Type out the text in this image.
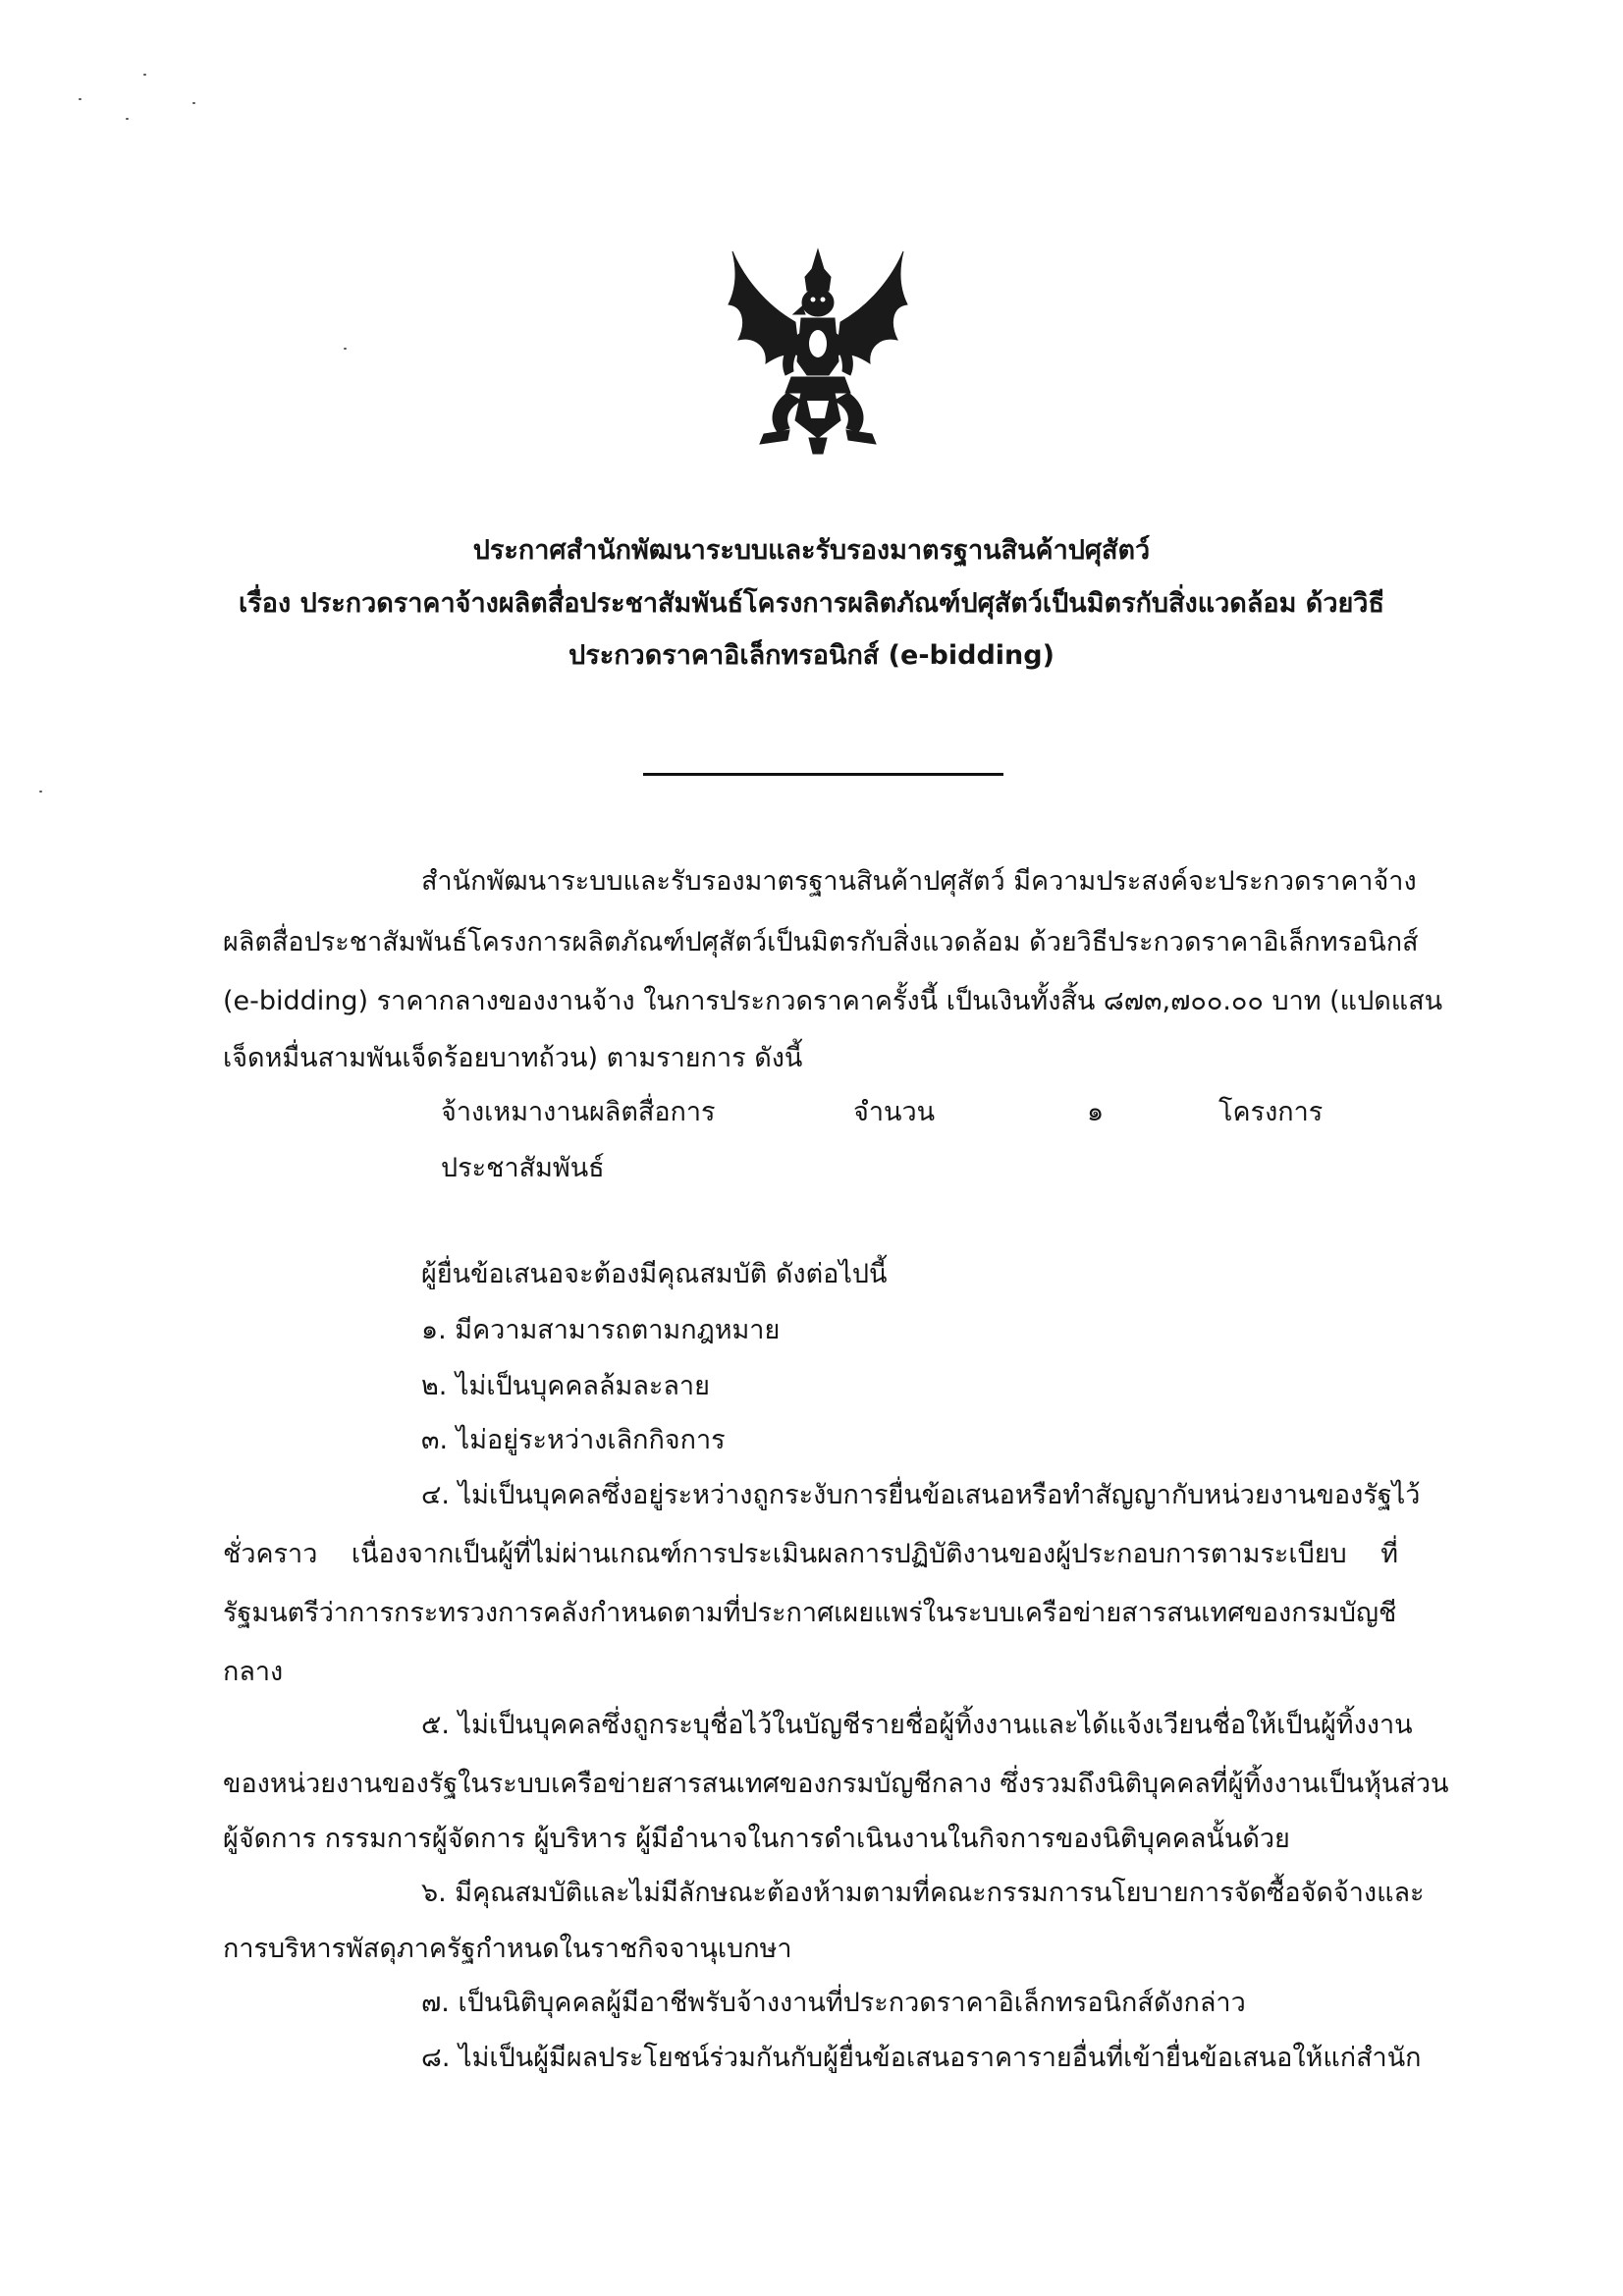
ประกาศสำนักพัฒนาระบบและรับรองมาตรฐานสินค้าปศุสัตว์
เรื่อง ประกวดราคาจ้างผลิตสื่อประชาสัมพันธ์โครงการผลิตภัณฑ์ปศุสัตว์เป็นมิตรกับสิ่งแวดล้อม ด้วยวิธี
ประกวดราคาอิเล็กทรอนิกส์ (e-bidding)
สำนักพัฒนาระบบและรับรองมาตรฐานสินค้าปศุสัตว์ มีความประสงค์จะประกวดราคาจ้าง
ผลิตสื่อประชาสัมพันธ์โครงการผลิตภัณฑ์ปศุสัตว์เป็นมิตรกับสิ่งแวดล้อม ด้วยวิธีประกวดราคาอิเล็กทรอนิกส์
(e-bidding) ราคากลางของงานจ้าง ในการประกวดราคาครั้งนี้ เป็นเงินทั้งสิ้น ๘๗๓,๗๐๐.๐๐ บาท (แปดแสน
เจ็ดหมื่นสามพันเจ็ดร้อยบาทถ้วน) ตามรายการ ดังนี้
จ้างเหมางานผลิตสื่อการ	จำนวน	๑	โครงการ
ประชาสัมพันธ์
ผู้ยื่นข้อเสนอจะต้องมีคุณสมบัติ ดังต่อไปนี้
๑. มีความสามารถตามกฎหมาย
๒. ไม่เป็นบุคคลล้มละลาย
๓. ไม่อยู่ระหว่างเลิกกิจการ
๔. ไม่เป็นบุคคลซึ่งอยู่ระหว่างถูกระงับการยื่นข้อเสนอหรือทำสัญญากับหน่วยงานของรัฐไว้
ชั่วคราว เนื่องจากเป็นผู้ที่ไม่ผ่านเกณฑ์การประเมินผลการปฏิบัติงานของผู้ประกอบการตามระเบียบ ที่
รัฐมนตรีว่าการกระทรวงการคลังกำหนดตามที่ประกาศเผยแพร่ในระบบเครือข่ายสารสนเทศของกรมบัญชี
กลาง
๕. ไม่เป็นบุคคลซึ่งถูกระบุชื่อไว้ในบัญชีรายชื่อผู้ทิ้งงานและได้แจ้งเวียนชื่อให้เป็นผู้ทิ้งงาน
ของหน่วยงานของรัฐในระบบเครือข่ายสารสนเทศของกรมบัญชีกลาง ซึ่งรวมถึงนิติบุคคลที่ผู้ทิ้งงานเป็นหุ้นส่วน
ผู้จัดการ กรรมการผู้จัดการ ผู้บริหาร ผู้มีอำนาจในการดำเนินงานในกิจการของนิติบุคคลนั้นด้วย
๖. มีคุณสมบัติและไม่มีลักษณะต้องห้ามตามที่คณะกรรมการนโยบายการจัดซื้อจัดจ้างและ
การบริหารพัสดุภาครัฐกำหนดในราชกิจจานุเบกษา
๗. เป็นนิติบุคคลผู้มีอาชีพรับจ้างงานที่ประกวดราคาอิเล็กทรอนิกส์ดังกล่าว
๘. ไม่เป็นผู้มีผลประโยชน์ร่วมกันกับผู้ยื่นข้อเสนอราคารายอื่นที่เข้ายื่นข้อเสนอให้แก่สำนัก
